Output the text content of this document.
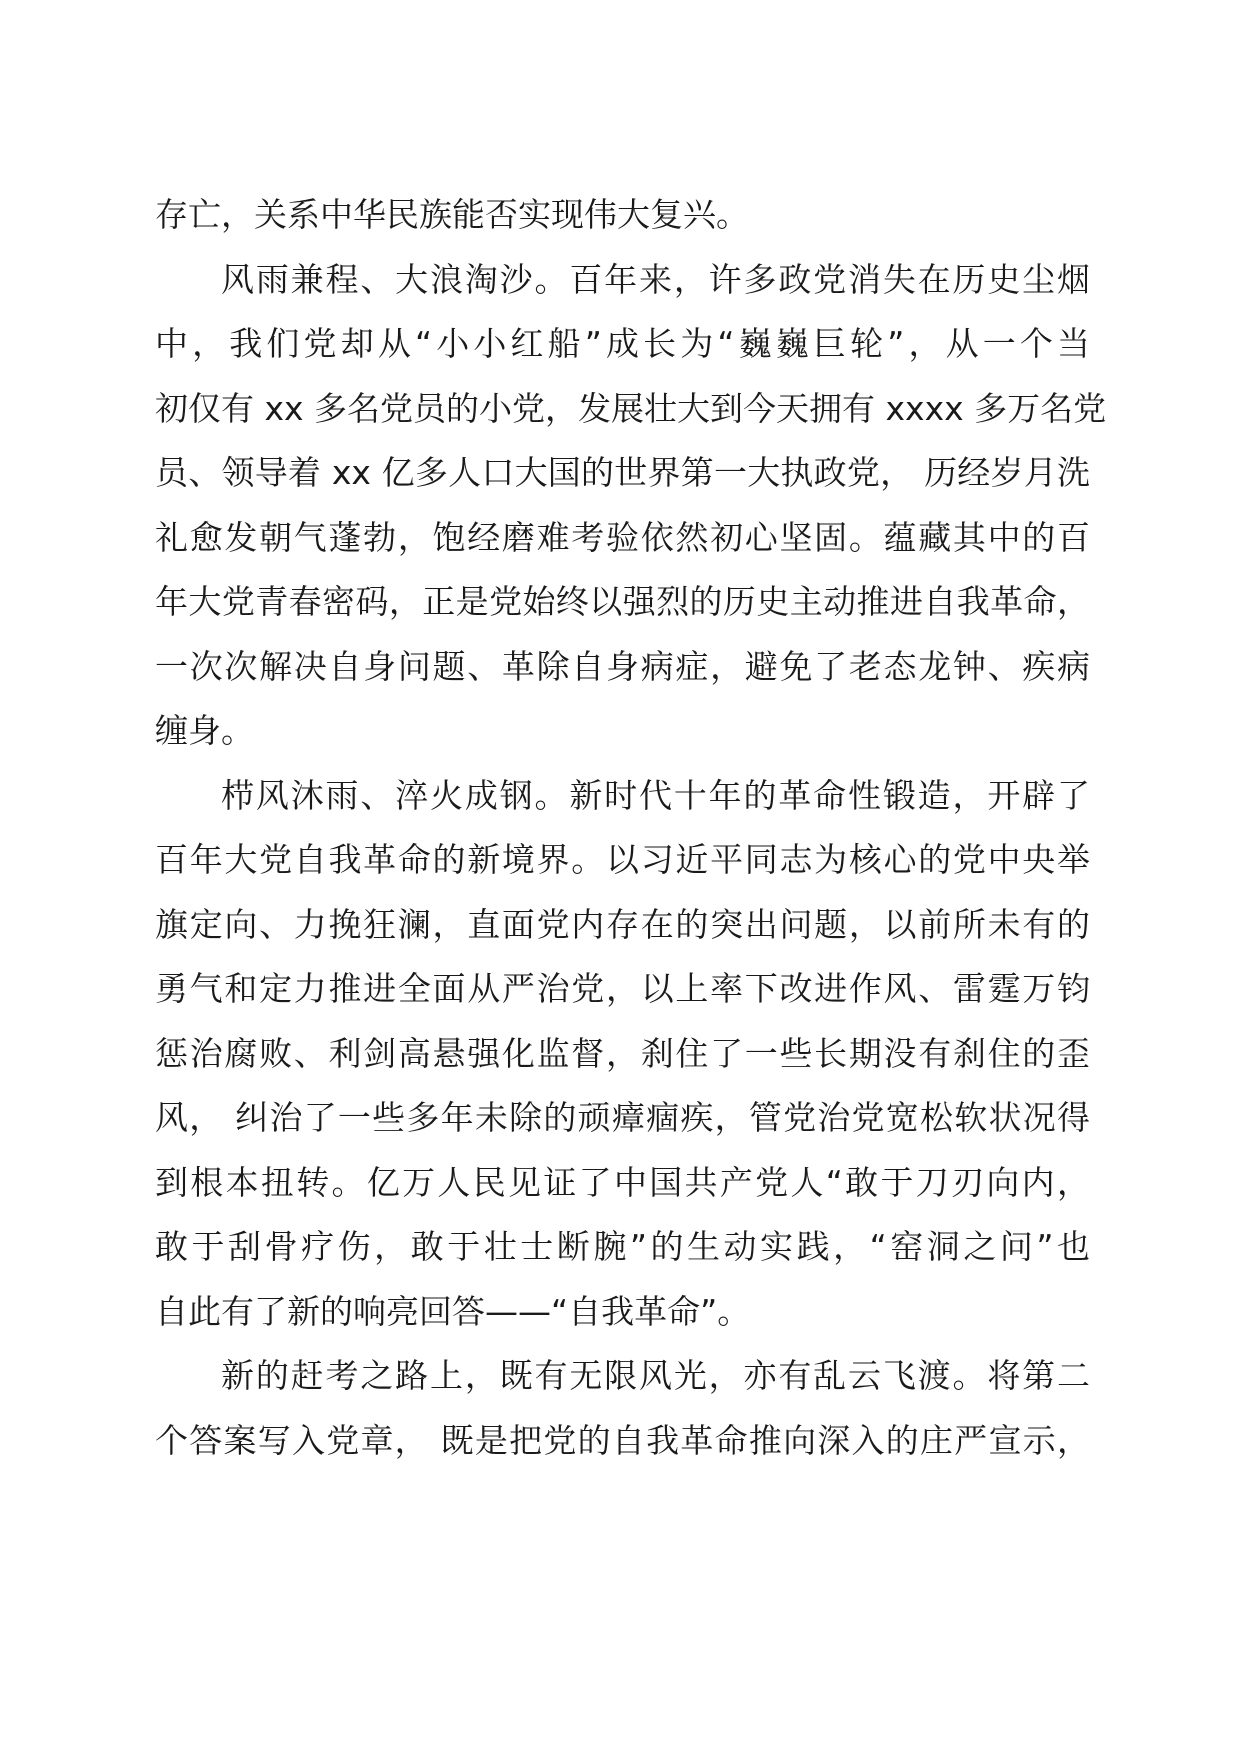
存亡，关系中华民族能否实现伟大复兴。
风雨兼程、大浪淘沙。百年来，许多政党消失在历史尘烟
中，我们党却从“小小红船”成长为“巍巍巨轮”，从一个当
初仅有 xx 多名党员的小党，发展壮大到今天拥有 xxxx 多万名党
员、领导着 xx 亿多人口大国的世界第一大执政党， 历经岁月洗
礼愈发朝气蓬勃，饱经磨难考验依然初心坚固。蕴藏其中的百
年大党青春密码，正是党始终以强烈的历史主动推进自我革命，
一次次解决自身问题、革除自身病症，避免了老态龙钟、疾病
缠身。
栉风沐雨、淬火成钢。新时代十年的革命性锻造，开辟了
百年大党自我革命的新境界。以习近平同志为核心的党中央举
旗定向、力挽狂澜，直面党内存在的突出问题，以前所未有的
勇气和定力推进全面从严治党，以上率下改进作风、雷霆万钧
惩治腐败、利剑高悬强化监督，刹住了一些长期没有刹住的歪
风， 纠治了一些多年未除的顽瘴痼疾，管党治党宽松软状况得
到根本扭转。亿万人民见证了中国共产党人“敢于刀刃向内，
敢于刮骨疗伤，敢于壮士断腕”的生动实践，“窑洞之问”也
自此有了新的响亮回答——“自我革命”。
新的赶考之路上，既有无限风光，亦有乱云飞渡。将第二
个答案写入党章， 既是把党的自我革命推向深入的庄严宣示，
